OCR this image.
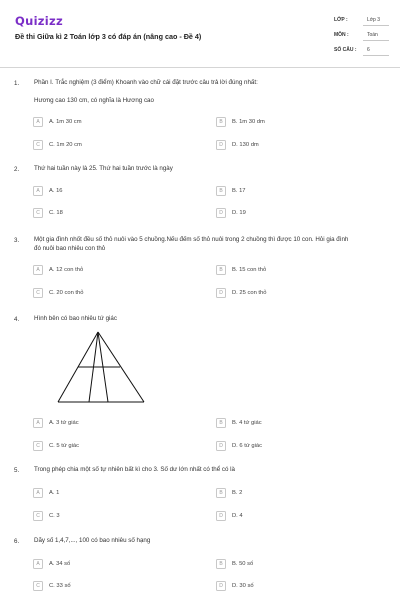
Quizizz
Đề thi Giữa kì 2 Toán lớp 3 có đáp án (nâng cao - Đề 4)
LỚP :	Lớp 3
MÔN :	Toán
SỐ CÂU : 6
1. Phần I. Trắc nghiệm (3 điểm) Khoanh vào chữ cái đặt trước câu trả lời đúng nhất:
Hương cao 130 cm, có nghĩa là Hương cao
A	A. 1m 30 cm	B	B. 1m 30 dm
C	C. 1m 20 cm	D	D. 130 dm
2. Thứ hai tuần này là 25. Thứ hai tuần trước là ngày
A	A. 16	B	B. 17
C	C. 18	D	D. 19
3. Một gia đình nhốt đều số thỏ nuôi vào 5 chuồng.Nếu đếm số thỏ nuôi trong 2 chuồng thì được 10 con. Hỏi gia đình
đó nuôi bao nhiêu con thỏ
A	A. 12 con thỏ	B	B. 15 con thỏ
C	C. 20 con thỏ	D	D. 25 con thỏ
4. Hình bên có bao nhiêu tứ giác
A	A. 3 tứ giác	B	B. 4 tứ giác
C	C. 5 tứ giác	D	D. 6 tứ giác
5. Trong phép chia một số tự nhiên bất kì cho 3. Số dư lớn nhất có thể có là
A	A. 1	B	B. 2
C	C. 3	D	D. 4
6. Dãy số 1,4,7,..., 100 có bao nhiêu số hạng
A	A. 34 số	B	B. 50 số
C	C. 33 số	D	D. 30 số
